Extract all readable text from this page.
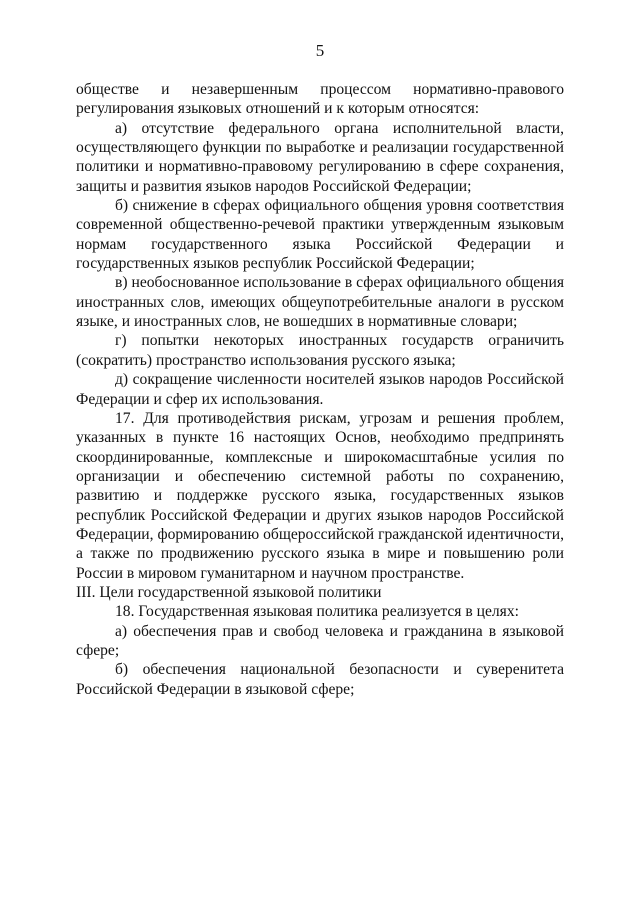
5

обществе и незавершенным процессом нормативно-правового регулирования языковых отношений и к которым относятся:

а) отсутствие федерального органа исполнительной власти, осуществляющего функции по выработке и реализации государственной политики и нормативно-правовому регулированию в сфере сохранения, защиты и развития языков народов Российской Федерации;

б) снижение в сферах официального общения уровня соответствия современной общественно-речевой практики утвержденным языковым нормам государственного языка Российской Федерации и государственных языков республик Российской Федерации;

в) необоснованное использование в сферах официального общения иностранных слов, имеющих общеупотребительные аналоги в русском языке, и иностранных слов, не вошедших в нормативные словари;

г) попытки некоторых иностранных государств ограничить (сократить) пространство использования русского языка;

д) сокращение численности носителей языков народов Российской Федерации и сфер их использования.

17. Для противодействия рискам, угрозам и решения проблем, указанных в пункте 16 настоящих Основ, необходимо предпринять скоординированные, комплексные и широкомасштабные усилия по организации и обеспечению системной работы по сохранению, развитию и поддержке русского языка, государственных языков республик Российской Федерации и других языков народов Российской Федерации, формированию общероссийской гражданской идентичности, а также по продвижению русского языка в мире и повышению роли России в мировом гуманитарном и научном пространстве.

III. Цели государственной языковой политики

18. Государственная языковая политика реализуется в целях:

а) обеспечения прав и свобод человека и гражданина в языковой сфере;

б) обеспечения национальной безопасности и суверенитета Российской Федерации в языковой сфере;
